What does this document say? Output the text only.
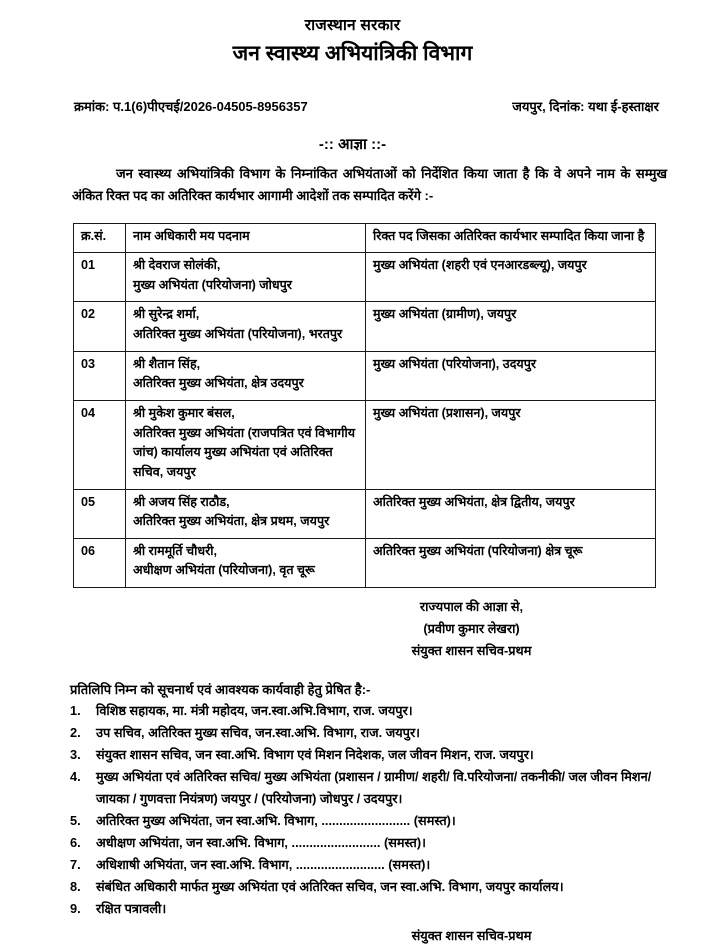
राजस्थान सरकार
जन स्वास्थ्य अभियांत्रिकी विभाग
क्रमांक: प.1(6)पीएचई/2026-04505-8956357	जयपुर, दिनांक: यथा ई-हस्ताक्षर
-:: आज्ञा ::-

जन स्वास्थ्य अभियांत्रिकी विभाग के निम्नांकित अभियंताओं को निर्देशित किया जाता है कि वे अपने नाम के सम्मुख अंकित रिक्त पद का अतिरिक्त कार्यभार आगामी आदेशों तक सम्पादित करेंगे :-

क्र.सं.	नाम अधिकारी मय पदनाम	रिक्त पद जिसका अतिरिक्त कार्यभार सम्पादित किया जाना है
01	श्री देवराज सोलंकी,
मुख्य अभियंता (परियोजना) जोधपुर	मुख्य अभियंता (शहरी एवं एनआरडब्ल्यू), जयपुर
02	श्री सुरेन्द्र शर्मा,
अतिरिक्त मुख्य अभियंता (परियोजना), भरतपुर	मुख्य अभियंता (ग्रामीण), जयपुर
03	श्री शैतान सिंह,
अतिरिक्त मुख्य अभियंता, क्षेत्र उदयपुर	मुख्य अभियंता (परियोजना), उदयपुर
04	श्री मुकेश कुमार बंसल,
अतिरिक्त मुख्य अभियंता (राजपत्रित एवं विभागीय
जांच) कार्यालय मुख्य अभियंता एवं अतिरिक्त
सचिव, जयपुर	मुख्य अभियंता (प्रशासन), जयपुर
05	श्री अजय सिंह राठौड,
अतिरिक्त मुख्य अभियंता, क्षेत्र प्रथम, जयपुर	अतिरिक्त मुख्य अभियंता, क्षेत्र द्वितीय, जयपुर
06	श्री राममूर्ति चौधरी,
अधीक्षण अभियंता (परियोजना), वृत चूरू	अतिरिक्त मुख्य अभियंता (परियोजना) क्षेत्र चूरू
राज्यपाल की आज्ञा से,
(प्रवीण कुमार लेखरा)
संयुक्त शासन सचिव-प्रथम
प्रतिलिपि निम्न को सूचनार्थ एवं आवश्यक कार्यवाही हेतु प्रेषित है:-
1.	विशिष्ठ सहायक, मा. मंत्री महोदय, जन.स्वा.अभि.विभाग, राज. जयपुर।
2.	उप सचिव, अतिरिक्त मुख्य सचिव, जन.स्वा.अभि. विभाग, राज. जयपुर।
3.	संयुक्त शासन सचिव, जन स्वा.अभि. विभाग एवं मिशन निदेशक, जल जीवन मिशन, राज. जयपुर।
4.	मुख्य अभियंता एवं अतिरिक्त सचिव/ मुख्य अभियंता (प्रशासन / ग्रामीण/ शहरी/ वि.परियोजना/ तकनीकी/ जल जीवन मिशन/ जायका / गुणवत्ता नियंत्रण) जयपुर / (परियोजना) जोधपुर / उदयपुर।
5.	अतिरिक्त मुख्य अभियंता, जन स्वा.अभि. विभाग, ......................... (समस्त)।
6.	अधीक्षण अभियंता, जन स्वा.अभि. विभाग, ......................... (समस्त)।
7.	अधिशाषी अभियंता, जन स्वा.अभि. विभाग, ......................... (समस्त)।
8.	संबंधित अधिकारी मार्फत मुख्य अभियंता एवं अतिरिक्त सचिव, जन स्वा.अभि. विभाग, जयपुर कार्यालय।
9.	रक्षित पत्रावली।
संयुक्त शासन सचिव-प्रथम
